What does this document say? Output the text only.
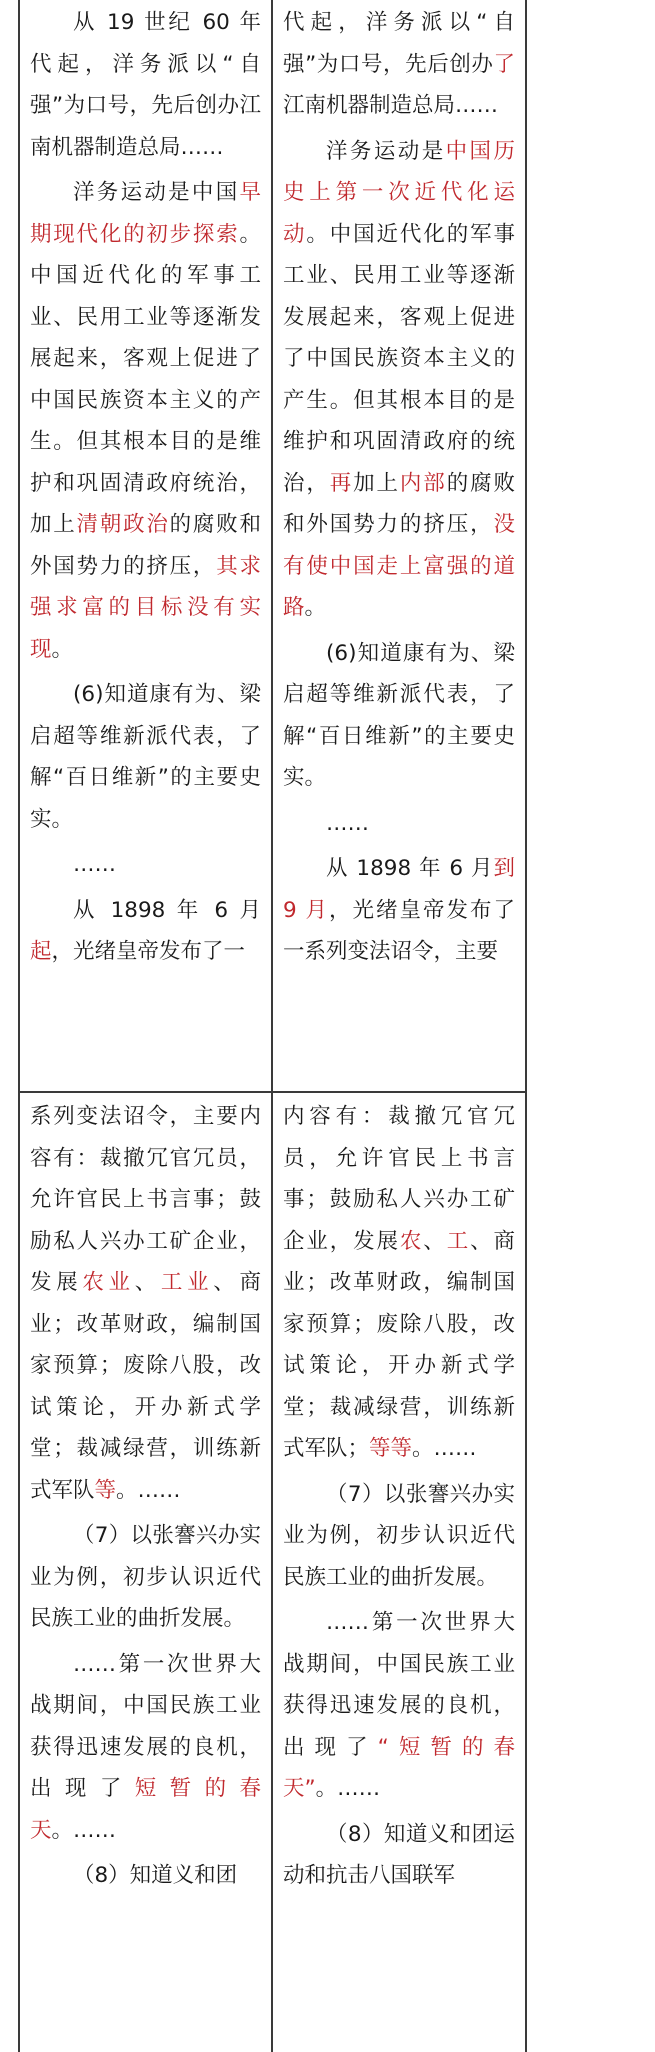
从 19 世纪 60 年代起，洋务派以“自强”为口号，先后创办江南机器制造总局……

洋务运动是中国早期现代化的初步探索。中国近代化的军事工业、民用工业等逐渐发展起来，客观上促进了中国民族资本主义的产生。但其根本目的是维护和巩固清政府统治，加上清朝政治的腐败和外国势力的挤压，其求强求富的目标没有实现。

(6)知道康有为、梁启超等维新派代表，了解“百日维新”的主要史实。

……

从 1898 年 6 月起，光绪皇帝发布了一

代起，洋务派以“自强”为口号，先后创办了江南机器制造总局……

洋务运动是中国历史上第一次近代化运动。中国近代化的军事工业、民用工业等逐渐发展起来，客观上促进了中国民族资本主义的产生。但其根本目的是维护和巩固清政府的统治，再加上内部的腐败和外国势力的挤压，没有使中国走上富强的道路。

(6)知道康有为、梁启超等维新派代表，了解“百日维新”的主要史实。

……

从 1898 年 6 月到 9 月，光绪皇帝发布了一系列变法诏令，主要

系列变法诏令，主要内容有：裁撤冗官冗员，允许官民上书言事；鼓励私人兴办工矿企业，发展农业、工业、商业；改革财政，编制国家预算；废除八股，改试策论，开办新式学堂；裁减绿营，训练新式军队等。……

（7）以张謇兴办实业为例，初步认识近代民族工业的曲折发展。

……第一次世界大战期间，中国民族工业获得迅速发展的良机，出现了短暂的春天。……

（8）知道义和团

内容有：裁撤冗官冗员，允许官民上书言事；鼓励私人兴办工矿企业，发展农、工、商业；改革财政，编制国家预算；废除八股，改试策论，开办新式学堂；裁减绿营，训练新式军队；等等。……

（7）以张謇兴办实业为例，初步认识近代民族工业的曲折发展。

……第一次世界大战期间，中国民族工业获得迅速发展的良机，出现了“短暂的春天”。……

（8）知道义和团运动和抗击八国联军
